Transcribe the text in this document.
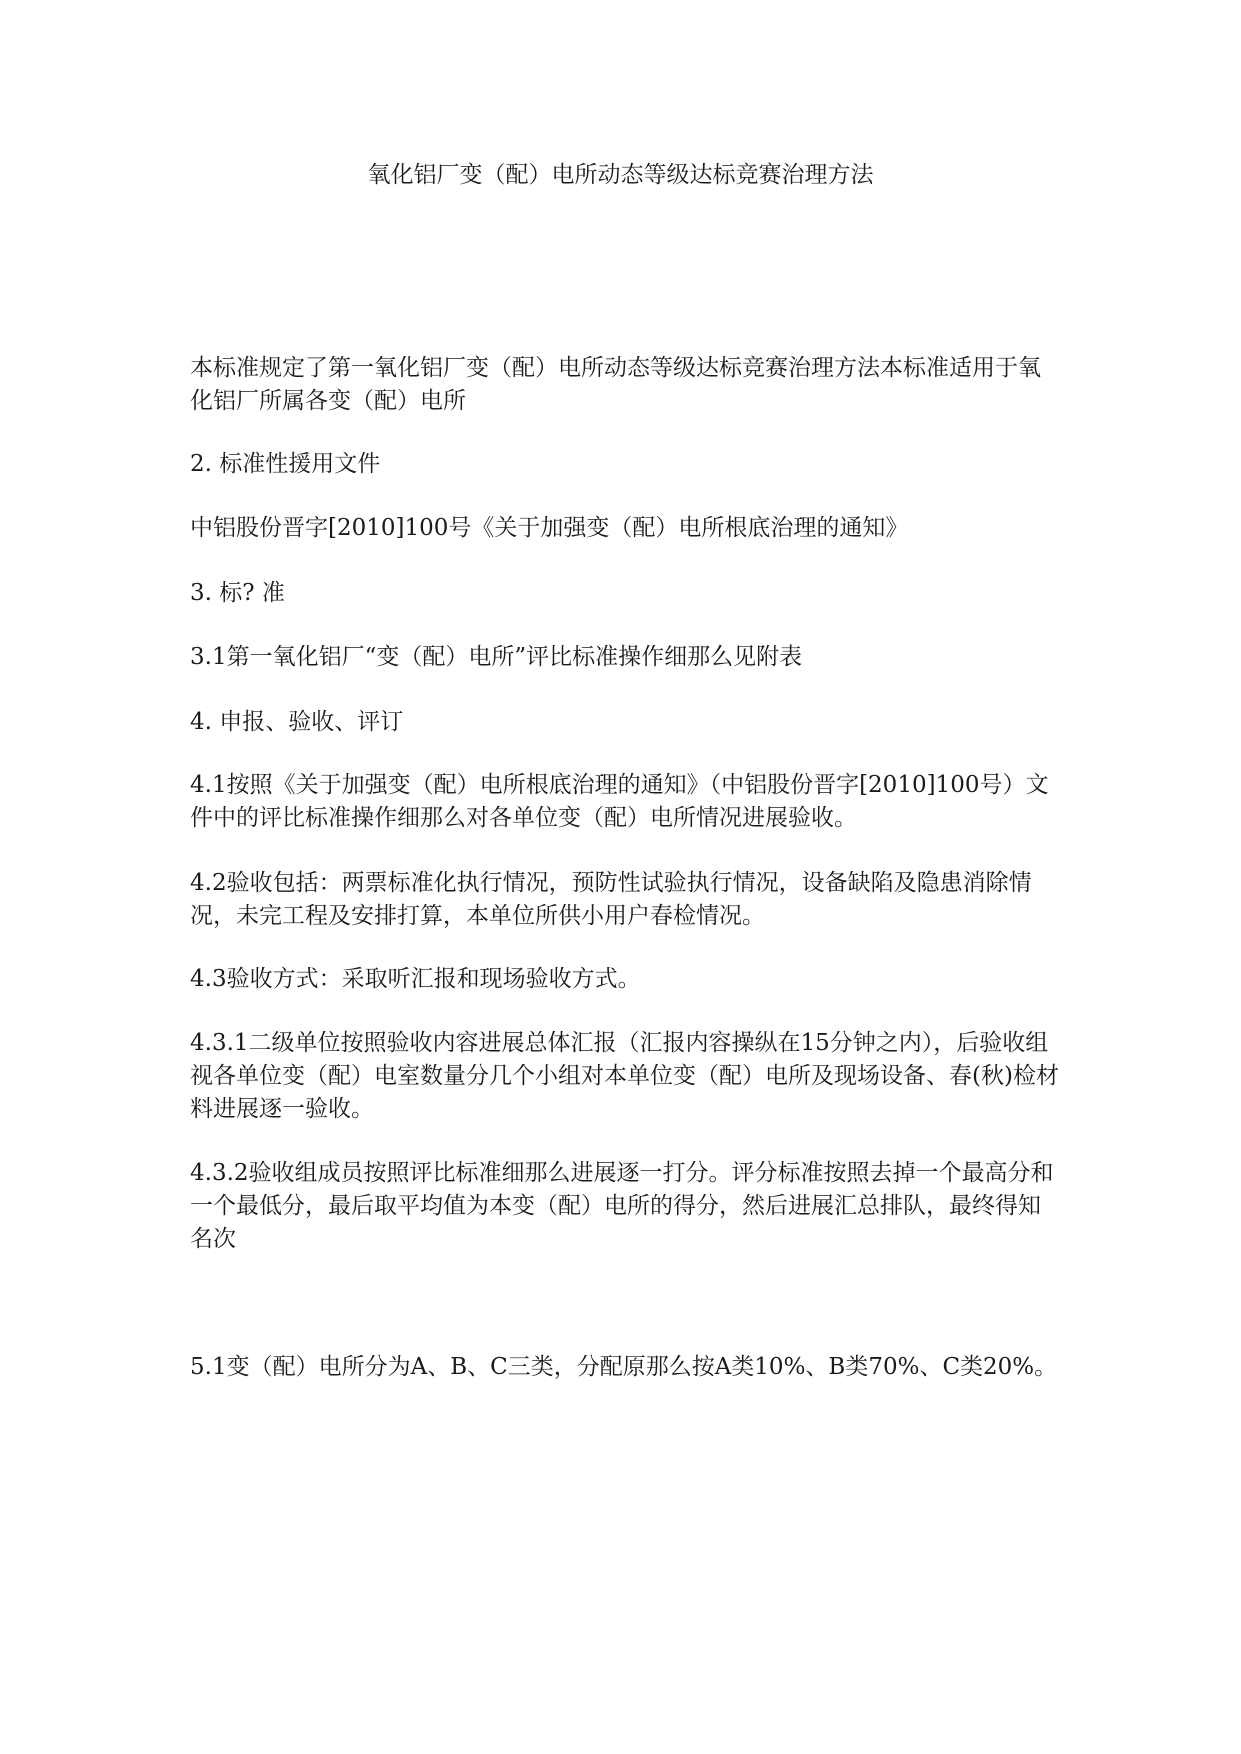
氧化铝厂变（配）电所动态等级达标竞赛治理方法

本标准规定了第一氧化铝厂变（配）电所动态等级达标竞赛治理方法本标准适用于氧化铝厂所属各变（配）电所

2. 标准性援用文件

中铝股份晋字[2010]100号《关于加强变（配）电所根底治理的通知》

3. 标? 准

3.1第一氧化铝厂“变（配）电所”评比标准操作细那么见附表

4. 申报、验收、评订

4.1按照《关于加强变（配）电所根底治理的通知》（中铝股份晋字[2010]100号）文件中的评比标准操作细那么对各单位变（配）电所情况进展验收。

4.2验收包括：两票标准化执行情况，预防性试验执行情况，设备缺陷及隐患消除情况，未完工程及安排打算，本单位所供小用户春检情况。

4.3验收方式：采取听汇报和现场验收方式。

4.3.1二级单位按照验收内容进展总体汇报（汇报内容操纵在15分钟之内），后验收组视各单位变（配）电室数量分几个小组对本单位变（配）电所及现场设备、春(秋)检材料进展逐一验收。

4.3.2验收组成员按照评比标准细那么进展逐一打分。评分标准按照去掉一个最高分和一个最低分，最后取平均值为本变（配）电所的得分，然后进展汇总排队，最终得知名次

5.1变（配）电所分为A、B、C三类，分配原那么按A类10%、B类70%、C类20%。
